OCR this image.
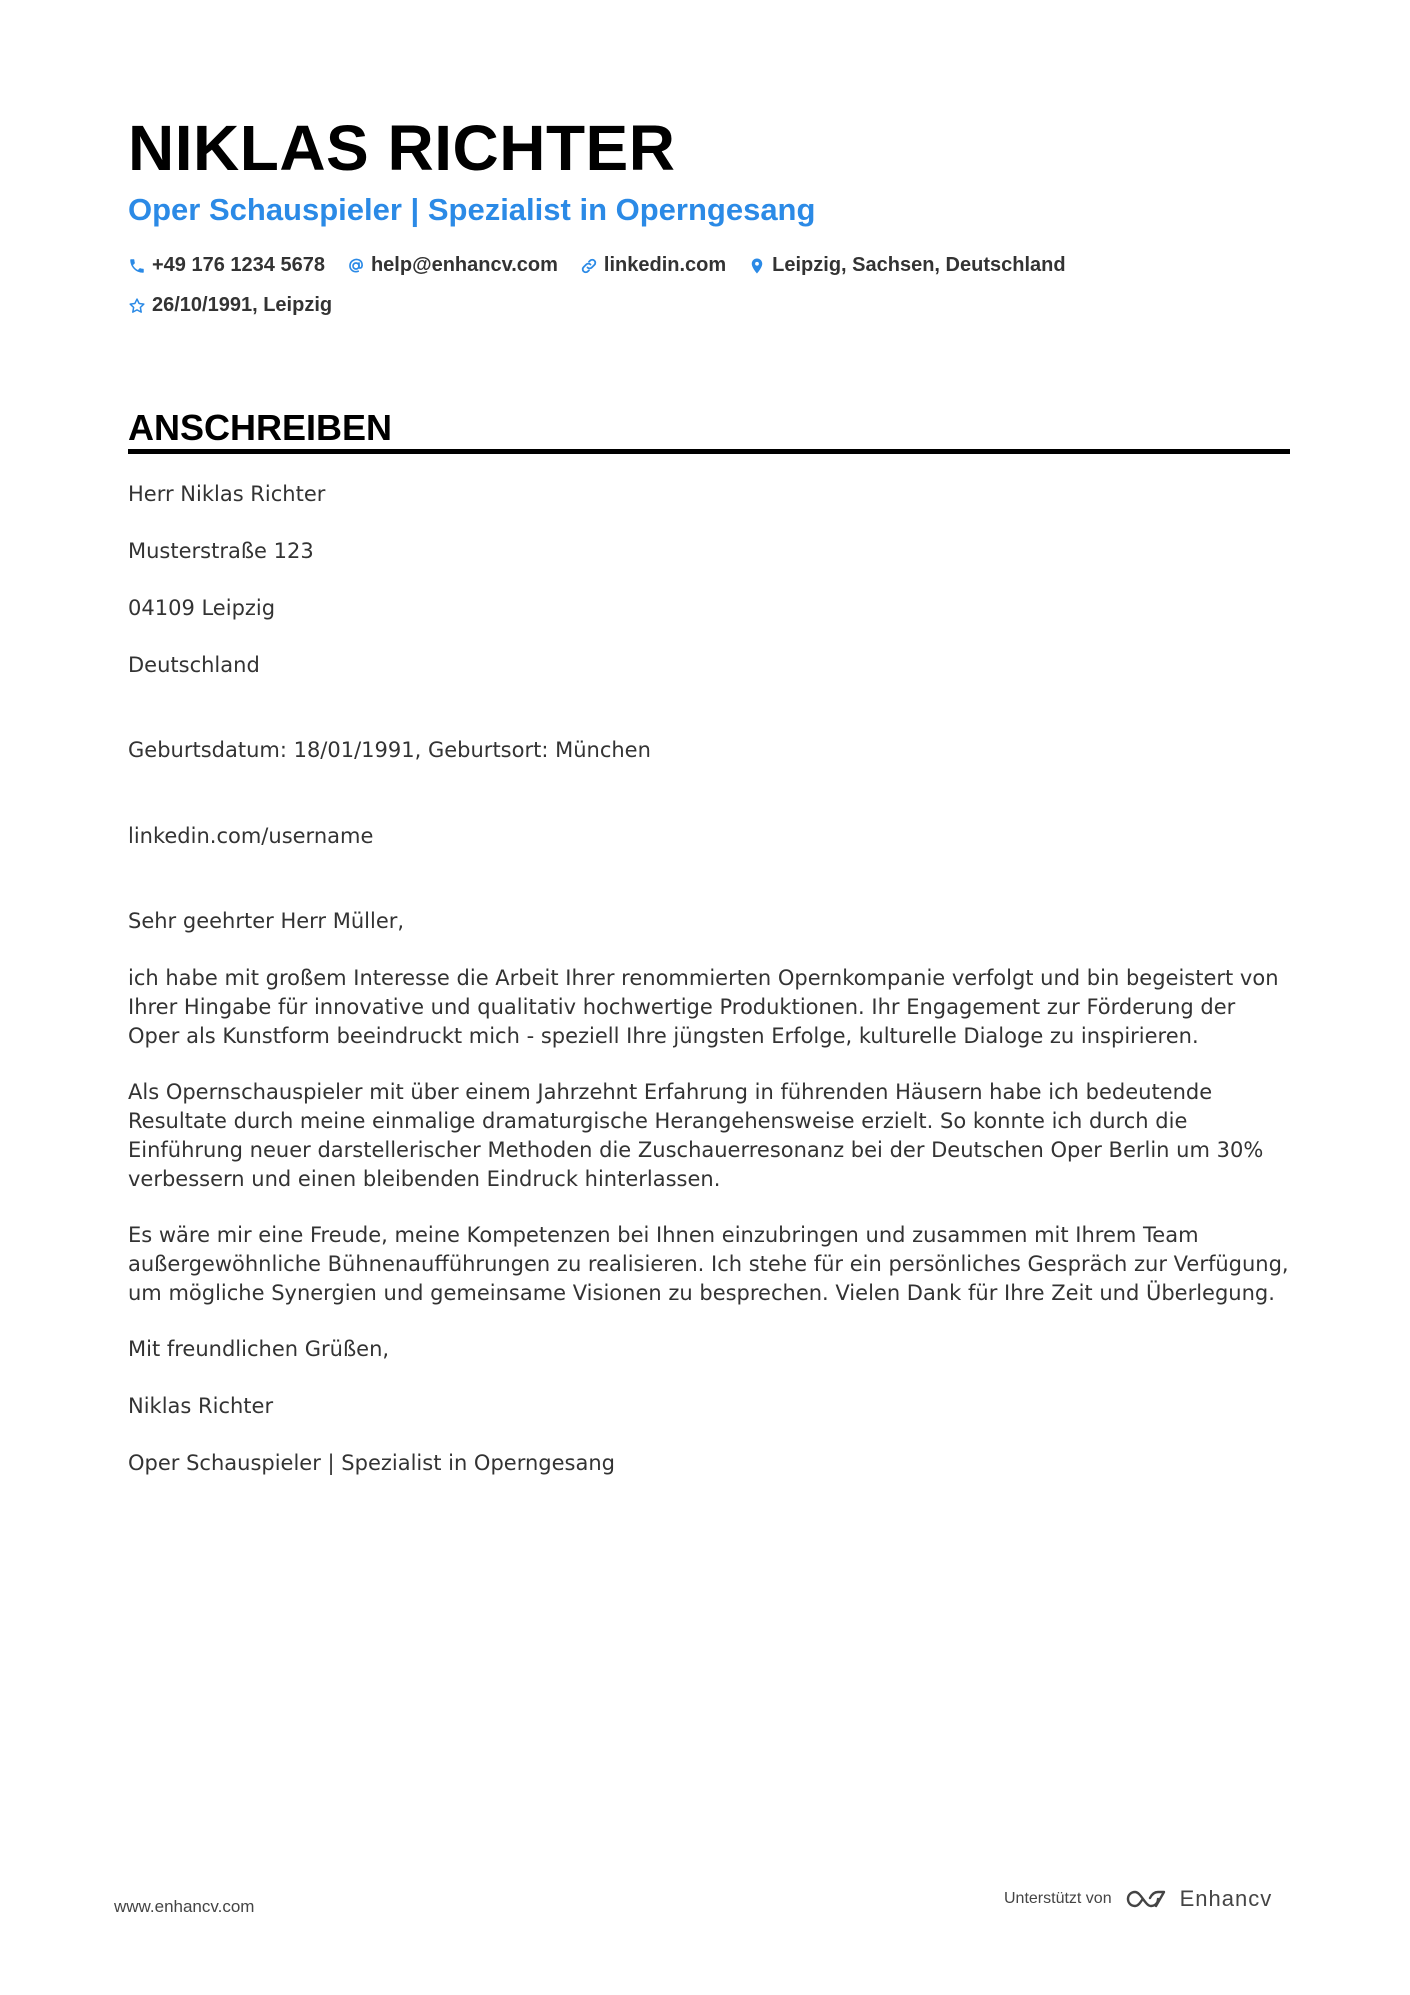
NIKLAS RICHTER
Oper Schauspieler | Spezialist in Operngesang
+49 176 1234 5678 help@enhancv.com linkedin.com Leipzig, Sachsen, Deutschland
26/10/1991, Leipzig
ANSCHREIBEN
Herr Niklas Richter
Musterstraße 123
04109 Leipzig
Deutschland
Geburtsdatum: 18/01/1991, Geburtsort: München
linkedin.com/username
Sehr geehrter Herr Müller,
ich habe mit großem Interesse die Arbeit Ihrer renommierten Opernkompanie verfolgt und bin begeistert von Ihrer Hingabe für innovative und qualitativ hochwertige Produktionen. Ihr Engagement zur Förderung der Oper als Kunstform beeindruckt mich - speziell Ihre jüngsten Erfolge, kulturelle Dialoge zu inspirieren.
Als Opernschauspieler mit über einem Jahrzehnt Erfahrung in führenden Häusern habe ich bedeutende Resultate durch meine einmalige dramaturgische Herangehensweise erzielt. So konnte ich durch die Einführung neuer darstellerischer Methoden die Zuschauerresonanz bei der Deutschen Oper Berlin um 30% verbessern und einen bleibenden Eindruck hinterlassen.
Es wäre mir eine Freude, meine Kompetenzen bei Ihnen einzubringen und zusammen mit Ihrem Team außergewöhnliche Bühnenaufführungen zu realisieren. Ich stehe für ein persönliches Gespräch zur Verfügung, um mögliche Synergien und gemeinsame Visionen zu besprechen. Vielen Dank für Ihre Zeit und Überlegung.
Mit freundlichen Grüßen,
Niklas Richter
Oper Schauspieler | Spezialist in Operngesang
www.enhancv.com	Unterstützt von	Enhancv
